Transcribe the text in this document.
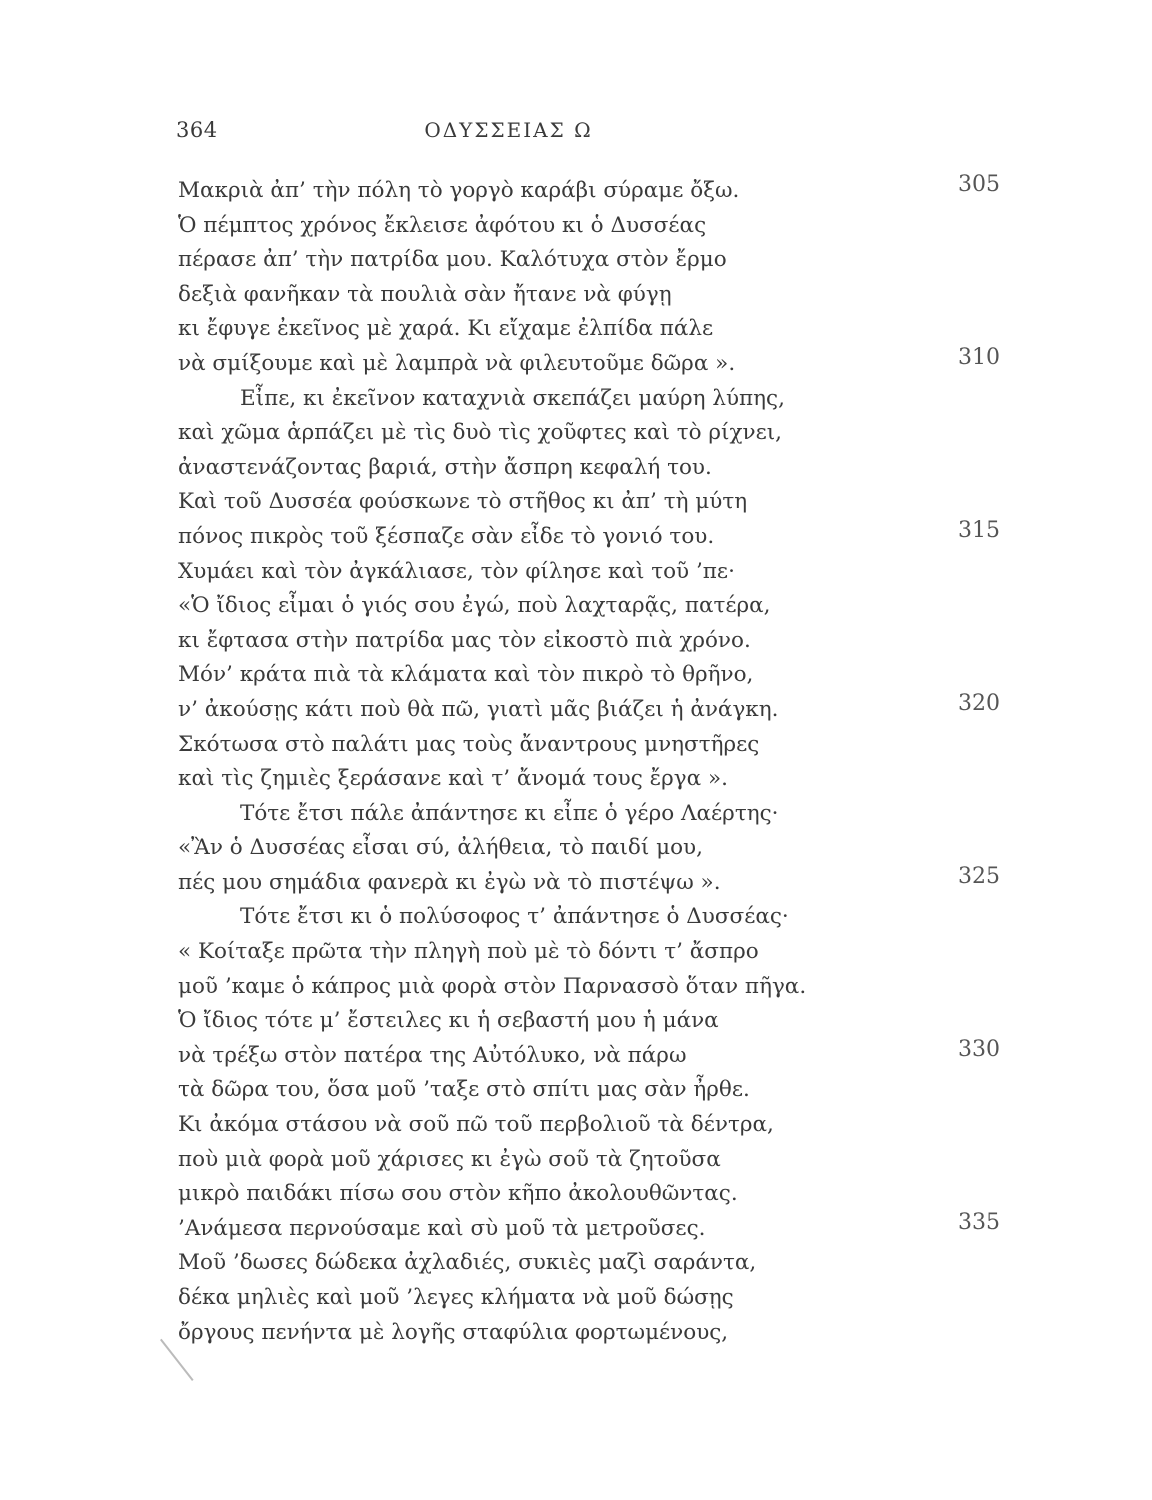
364	ΟΔΥΣΣΕΙΑΣ Ω
Μακριὰ ἀπ’ τὴν πόλη τὸ γοργὸ καράβι σύραμε ὄξω.	305
Ὁ πέμπτος χρόνος ἔκλεισε ἀφότου κι ὁ Δυσσέας
πέρασε ἀπ’ τὴν πατρίδα μου. Καλότυχα στὸν ἔρμο
δεξιὰ φανῆκαν τὰ πουλιὰ σὰν ἤτανε νὰ φύγῃ
κι ἔφυγε ἐκεῖνος μὲ χαρά. Κι εἴχαμε ἐλπίδα πάλε
νὰ σμίξουμε καὶ μὲ λαμπρὰ νὰ φιλευτοῦμε δῶρα ».	310
Εἶπε, κι ἐκεῖνον καταχνιὰ σκεπάζει μαύρη λύπης,
καὶ χῶμα ἁρπάζει μὲ τὶς δυὸ τὶς χοῦφτες καὶ τὸ ρίχνει,
ἀναστενάζοντας βαριά, στὴν ἄσπρη κεφαλή του.
Καὶ τοῦ Δυσσέα φούσκωνε τὸ στῆθος κι ἀπ’ τὴ μύτη
πόνος πικρὸς τοῦ ξέσπαζε σὰν εἶδε τὸ γονιό του.	315
Χυμάει καὶ τὸν ἀγκάλιασε, τὸν φίλησε καὶ τοῦ ’πε·
«Ὁ ἴδιος εἶμαι ὁ γιός σου ἐγώ, ποὺ λαχταρᾷς, πατέρα,
κι ἔφτασα στὴν πατρίδα μας τὸν εἰκοστὸ πιὰ χρόνο.
Μόν’ κράτα πιὰ τὰ κλάματα καὶ τὸν πικρὸ τὸ θρῆνο,
ν’ ἀκούσῃς κάτι ποὺ θὰ πῶ, γιατὶ μᾶς βιάζει ἡ ἀνάγκη.	320
Σκότωσα στὸ παλάτι μας τοὺς ἄναντρους μνηστῆρες
καὶ τὶς ζημιὲς ξεράσανε καὶ τ’ ἄνομά τους ἔργα ».
Τότε ἔτσι πάλε ἀπάντησε κι εἶπε ὁ γέρο Λαέρτης·
«Ἂν ὁ Δυσσέας εἶσαι σύ, ἀλήθεια, τὸ παιδί μου,
πές μου σημάδια φανερὰ κι ἐγὼ νὰ τὸ πιστέψω ».	325
Τότε ἔτσι κι ὁ πολύσοφος τ’ ἀπάντησε ὁ Δυσσέας·
« Κοίταξε πρῶτα τὴν πληγὴ ποὺ μὲ τὸ δόντι τ’ ἄσπρο
μοῦ ’καμε ὁ κάπρος μιὰ φορὰ στὸν Παρνασσὸ ὅταν πῆγα.
Ὁ ἴδιος τότε μ’ ἔστειλες κι ἡ σεβαστή μου ἡ μάνα
νὰ τρέξω στὸν πατέρα της Αὐτόλυκο, νὰ πάρω	330
τὰ δῶρα του, ὅσα μοῦ ’ταξε στὸ σπίτι μας σὰν ἦρθε.
Κι ἀκόμα στάσου νὰ σοῦ πῶ τοῦ περβολιοῦ τὰ δέντρα,
ποὺ μιὰ φορὰ μοῦ χάρισες κι ἐγὼ σοῦ τὰ ζητοῦσα
μικρὸ παιδάκι πίσω σου στὸν κῆπο ἀκολουθῶντας.
’Ανάμεσα περνούσαμε καὶ σὺ μοῦ τὰ μετροῦσες.	335
Μοῦ ’δωσες δώδεκα ἀχλαδιές, συκιὲς μαζὶ σαράντα,
δέκα μηλιὲς καὶ μοῦ ’λεγες κλήματα νὰ μοῦ δώσῃς
ὄργους πενήντα μὲ λογῆς σταφύλια φορτωμένους,
